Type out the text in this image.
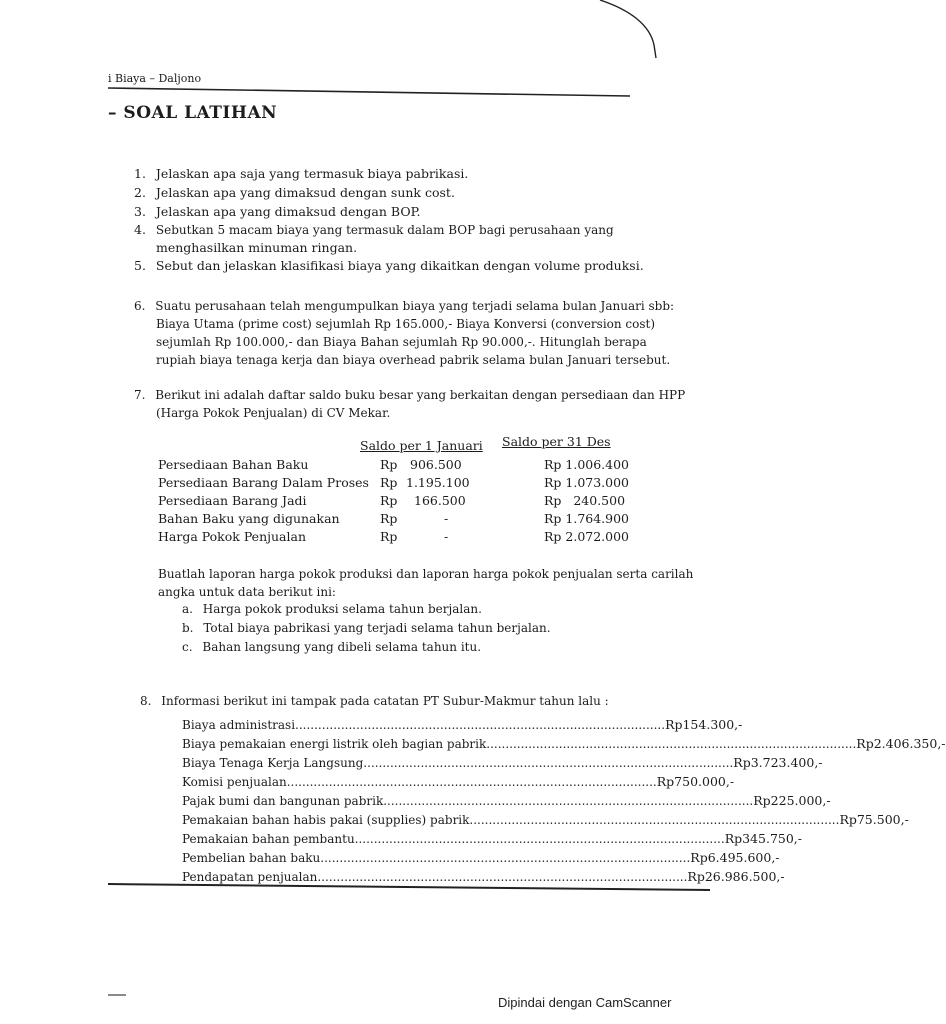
i Biaya – Daljono
– SOAL LATIHAN
1. Jelaskan apa saja yang termasuk biaya pabrikasi.
2. Jelaskan apa yang dimaksud dengan sunk cost.
3. Jelaskan apa yang dimaksud dengan BOP.
4. Sebutkan 5 macam biaya yang termasuk dalam BOP bagi perusahaan yang
menghasilkan minuman ringan.
5. Sebut dan jelaskan klasifikasi biaya yang dikaitkan dengan volume produksi.
6. Suatu perusahaan telah mengumpulkan biaya yang terjadi selama bulan Januari sbb:
Biaya Utama (prime cost) sejumlah Rp 165.000,- Biaya Konversi (conversion cost)
sejumlah Rp 100.000,- dan Biaya Bahan sejumlah Rp 90.000,-. Hitunglah berapa
rupiah biaya tenaga kerja dan biaya overhead pabrik selama bulan Januari tersebut.
7. Berikut ini adalah daftar saldo buku besar yang berkaitan dengan persediaan dan HPP
(Harga Pokok Penjualan) di CV Mekar.
Saldo per 1 Januari Saldo per 31 Des
Persediaan Bahan Baku	Rp	906.500	Rp 1.006.400
Persediaan Barang Dalam Proses	Rp	1.195.100	Rp 1.073.000
Persediaan Barang Jadi	Rp	166.500	Rp   240.500
Bahan Baku yang digunakan	Rp	-	Rp 1.764.900
Harga Pokok Penjualan	Rp	-	Rp 2.072.000
Buatlah laporan harga pokok produksi dan laporan harga pokok penjualan serta carilah
angka untuk data berikut ini:
a. Harga pokok produksi selama tahun berjalan.
b. Total biaya pabrikasi yang terjadi selama tahun berjalan.
c. Bahan langsung yang dibeli selama tahun itu.
8. Informasi berikut ini tampak pada catatan PT Subur-Makmur tahun lalu :
Biaya administrasi................................................................................................. Rp 154.300,-
Biaya pemakaian energi listrik oleh bagian pabrik................................................................................................. Rp 2.406.350,-
Biaya Tenaga Kerja Langsung................................................................................................. Rp 3.723.400,-
Komisi penjualan................................................................................................. Rp 750.000,-
Pajak bumi dan bangunan pabrik................................................................................................. Rp 225.000,-
Pemakaian bahan habis pakai (supplies) pabrik................................................................................................. Rp 75.500,-
Pemakaian bahan pembantu................................................................................................. Rp 345.750,-
Pembelian bahan baku................................................................................................. Rp 6.495.600,-
Pendapatan penjualan................................................................................................. Rp 26.986.500,-
Dipindai dengan CamScanner
